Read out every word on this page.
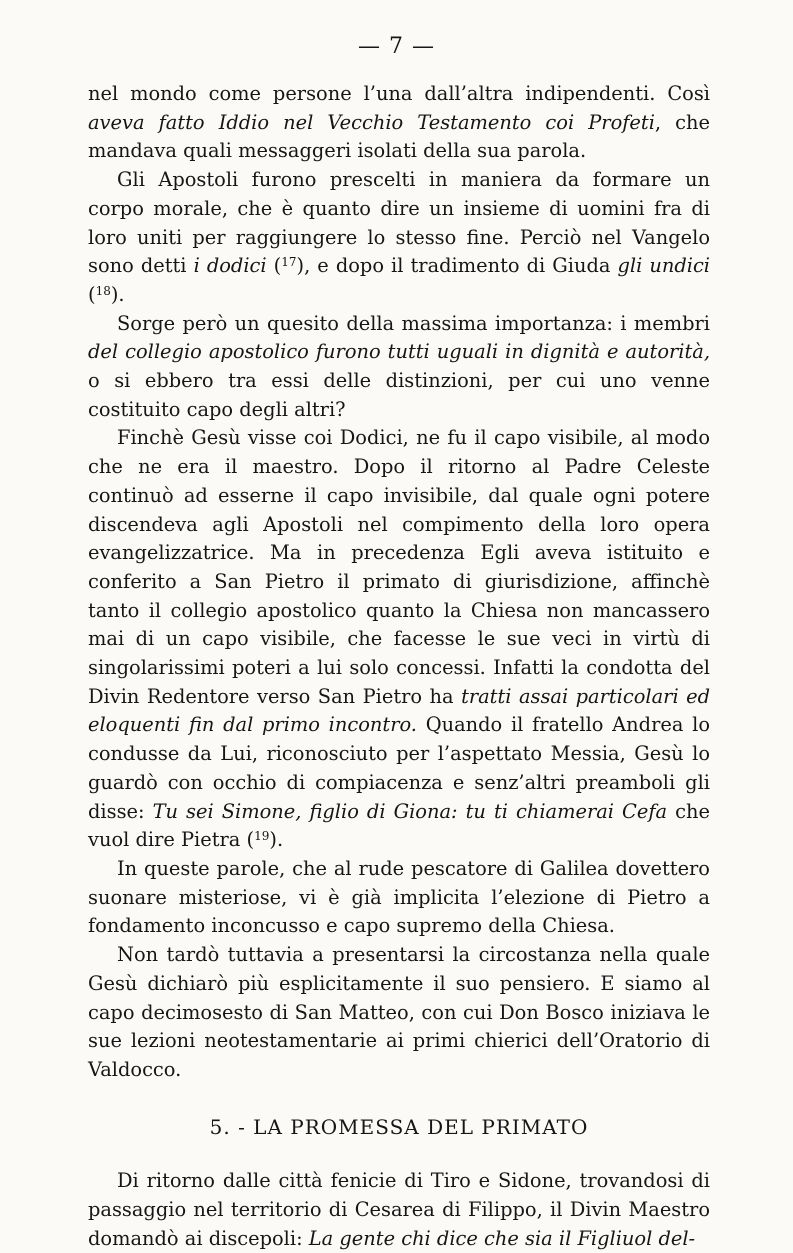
— 7 —

nel mondo come persone l’una dall’altra indipendenti. Così aveva fatto Iddio nel Vecchio Testamento coi Profeti, che mandava quali messaggeri isolati della sua parola.

Gli Apostoli furono prescelti in maniera da formare un corpo morale, che è quanto dire un insieme di uomini fra di loro uniti per raggiungere lo stesso fine. Perciò nel Vangelo sono detti i dodici ($^{17}$), e dopo il tradimento di Giuda gli undici ($^{18}$).

Sorge però un quesito della massima importanza: i membri del collegio apostolico furono tutti uguali in dignità e autorità, o si ebbero tra essi delle distinzioni, per cui uno venne costituito capo degli altri?

Finchè Gesù visse coi Dodici, ne fu il capo visibile, al modo che ne era il maestro. Dopo il ritorno al Padre Celeste continuò ad esserne il capo invisibile, dal quale ogni potere discendeva agli Apostoli nel compimento della loro opera evangelizzatrice. Ma in precedenza Egli aveva istituito e conferito a San Pietro il primato di giurisdizione, affinchè tanto il collegio apostolico quanto la Chiesa non mancassero mai di un capo visibile, che facesse le sue veci in virtù di singolarissimi poteri a lui solo concessi. Infatti la condotta del Divin Redentore verso San Pietro ha tratti assai particolari ed eloquenti fin dal primo incontro. Quando il fratello Andrea lo condusse da Lui, riconosciuto per l’aspettato Messia, Gesù lo guardò con occhio di compiacenza e senz’altri preamboli gli disse: Tu sei Simone, figlio di Giona: tu ti chiamerai Cefa che vuol dire Pietra ($^{19}$).

In queste parole, che al rude pescatore di Galilea dovettero suonare misteriose, vi è già implicita l’elezione di Pietro a fondamento inconcusso e capo supremo della Chiesa.

Non tardò tuttavia a presentarsi la circostanza nella quale Gesù dichiarò più esplicitamente il suo pensiero. E siamo al capo decimosesto di San Matteo, con cui Don Bosco iniziava le sue lezioni neotestamentarie ai primi chierici dell’Oratorio di Valdocco.

5. - LA PROMESSA DEL PRIMATO

Di ritorno dalle città fenicie di Tiro e Sidone, trovandosi di passaggio nel territorio di Cesarea di Filippo, il Divin Maestro domandò ai discepoli: La gente chi dice che sia il Figliuol del-
